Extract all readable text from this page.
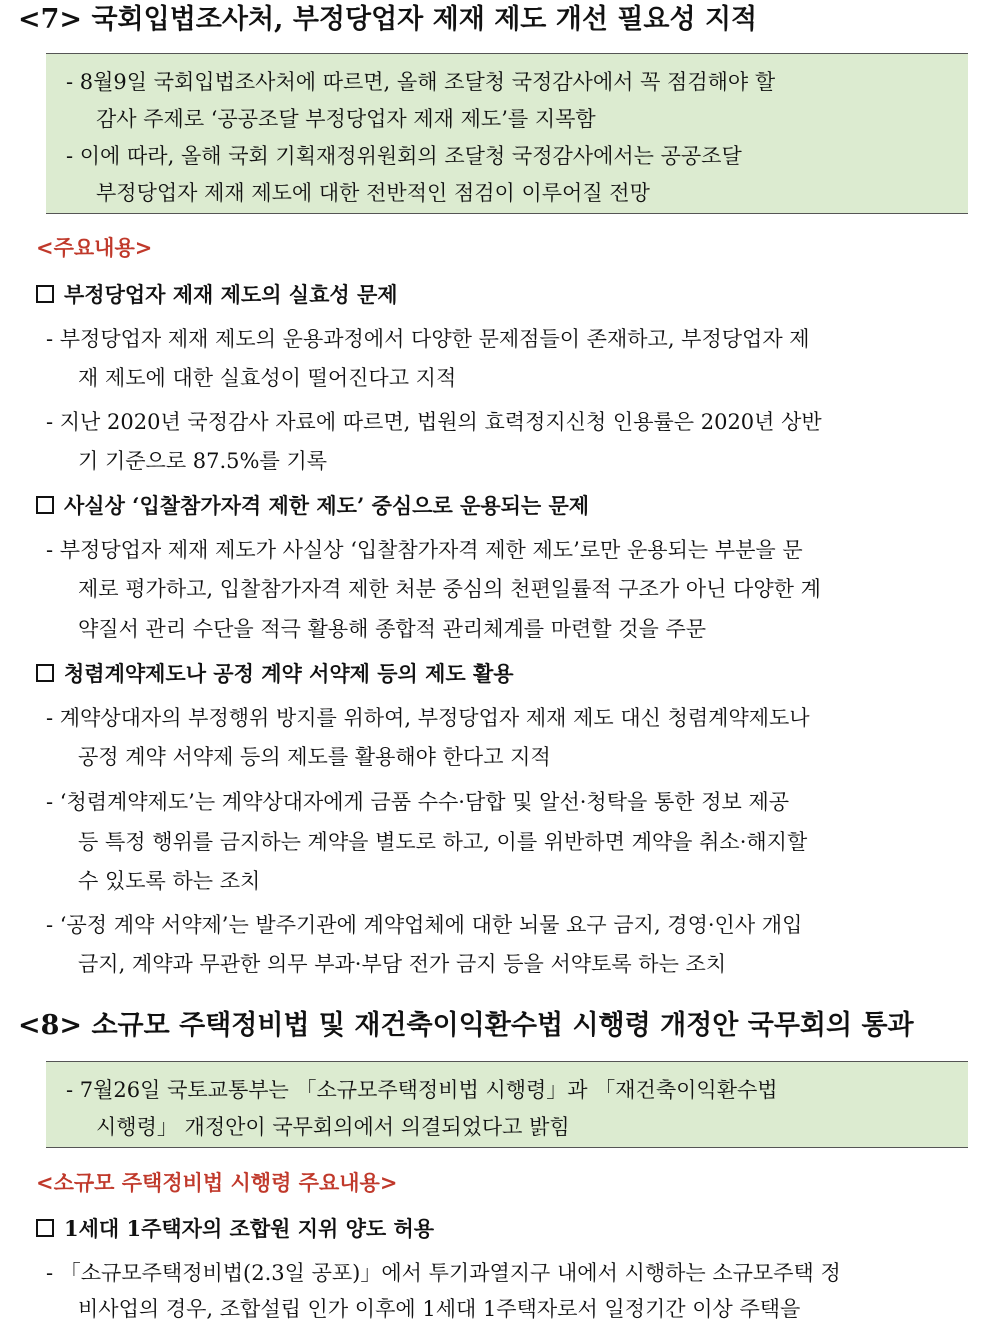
<7> 국회입법조사처, 부정당업자 제재 제도 개선 필요성 지적
- 8월9일 국회입법조사처에 따르면, 올해 조달청 국정감사에서 꼭 점검해야 할
감사 주제로 ‘공공조달 부정당업자 제재 제도’를 지목함
- 이에 따라, 올해 국회 기획재정위원회의 조달청 국정감사에서는 공공조달
부정당업자 제재 제도에 대한 전반적인 점검이 이루어질 전망
<주요내용>
부정당업자 제재 제도의 실효성 문제
- 부정당업자 제재 제도의 운용과정에서 다양한 문제점들이 존재하고, 부정당업자 제
재 제도에 대한 실효성이 떨어진다고 지적
- 지난 2020년 국정감사 자료에 따르면, 법원의 효력정지신청 인용률은 2020년 상반
기 기준으로 87.5%를 기록
사실상 ‘입찰참가자격 제한 제도’ 중심으로 운용되는 문제
- 부정당업자 제재 제도가 사실상 ‘입찰참가자격 제한 제도’로만 운용되는 부분을 문
제로 평가하고, 입찰참가자격 제한 처분 중심의 천편일률적 구조가 아닌 다양한 계
약질서 관리 수단을 적극 활용해 종합적 관리체계를 마련할 것을 주문
청렴계약제도나 공정 계약 서약제 등의 제도 활용
- 계약상대자의 부정행위 방지를 위하여, 부정당업자 제재 제도 대신 청렴계약제도나
공정 계약 서약제 등의 제도를 활용해야 한다고 지적
- ‘청렴계약제도’는 계약상대자에게 금품 수수·담합 및 알선·청탁을 통한 정보 제공
등 특정 행위를 금지하는 계약을 별도로 하고, 이를 위반하면 계약을 취소·해지할
수 있도록 하는 조치
- ‘공정 계약 서약제’는 발주기관에 계약업체에 대한 뇌물 요구 금지, 경영·인사 개입
금지, 계약과 무관한 의무 부과·부담 전가 금지 등을 서약토록 하는 조치
<8> 소규모 주택정비법 및 재건축이익환수법 시행령 개정안 국무회의 통과
- 7월26일 국토교통부는 「소규모주택정비법 시행령」과 「재건축이익환수법
시행령」 개정안이 국무회의에서 의결되었다고 밝힘
<소규모 주택정비법 시행령 주요내용>
1세대 1주택자의 조합원 지위 양도 허용
- 「소규모주택정비법(2.3일 공포)」에서 투기과열지구 내에서 시행하는 소규모주택 정
비사업의 경우, 조합설립 인가 이후에 1세대 1주택자로서 일정기간 이상 주택을
